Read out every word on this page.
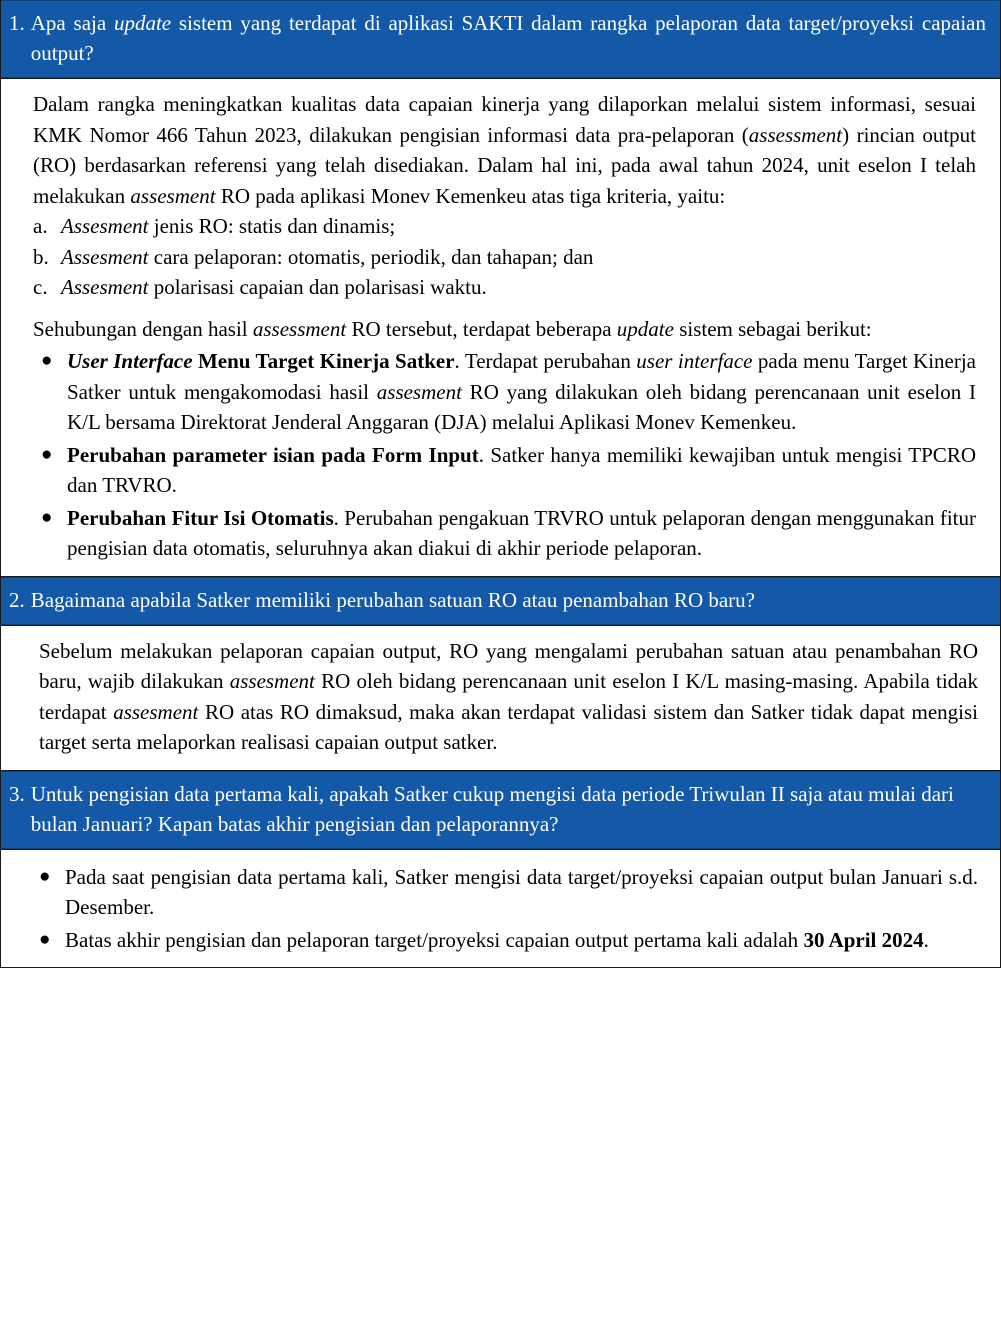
1. Apa saja update sistem yang terdapat di aplikasi SAKTI dalam rangka pelaporan data target/proyeksi capaian output?

Dalam rangka meningkatkan kualitas data capaian kinerja yang dilaporkan melalui sistem informasi, sesuai KMK Nomor 466 Tahun 2023, dilakukan pengisian informasi data pra-pelaporan (assessment) rincian output (RO) berdasarkan referensi yang telah disediakan. Dalam hal ini, pada awal tahun 2024, unit eselon I telah melakukan assesment RO pada aplikasi Monev Kemenkeu atas tiga kriteria, yaitu:

a. Assesment jenis RO: statis dan dinamis;
b. Assesment cara pelaporan: otomatis, periodik, dan tahapan; dan
c. Assesment polarisasi capaian dan polarisasi waktu.

Sehubungan dengan hasil assessment RO tersebut, terdapat beberapa update sistem sebagai berikut:

● User Interface Menu Target Kinerja Satker. Terdapat perubahan user interface pada menu Target Kinerja Satker untuk mengakomodasi hasil assesment RO yang dilakukan oleh bidang perencanaan unit eselon I K/L bersama Direktorat Jenderal Anggaran (DJA) melalui Aplikasi Monev Kemenkeu.
● Perubahan parameter isian pada Form Input. Satker hanya memiliki kewajiban untuk mengisi TPCRO dan TRVRO.
● Perubahan Fitur Isi Otomatis. Perubahan pengakuan TRVRO untuk pelaporan dengan menggunakan fitur pengisian data otomatis, seluruhnya akan diakui di akhir periode pelaporan.
2. Bagaimana apabila Satker memiliki perubahan satuan RO atau penambahan RO baru?

Sebelum melakukan pelaporan capaian output, RO yang mengalami perubahan satuan atau penambahan RO baru, wajib dilakukan assesment RO oleh bidang perencanaan unit eselon I K/L masing-masing. Apabila tidak terdapat assesment RO atas RO dimaksud, maka akan terdapat validasi sistem dan Satker tidak dapat mengisi target serta melaporkan realisasi capaian output satker.

3. Untuk pengisian data pertama kali, apakah Satker cukup mengisi data periode Triwulan II saja atau mulai dari bulan Januari? Kapan batas akhir pengisian dan pelaporannya?
● Pada saat pengisian data pertama kali, Satker mengisi data target/proyeksi capaian output bulan Januari s.d. Desember.
● Batas akhir pengisian dan pelaporan target/proyeksi capaian output pertama kali adalah 30 April 2024.
